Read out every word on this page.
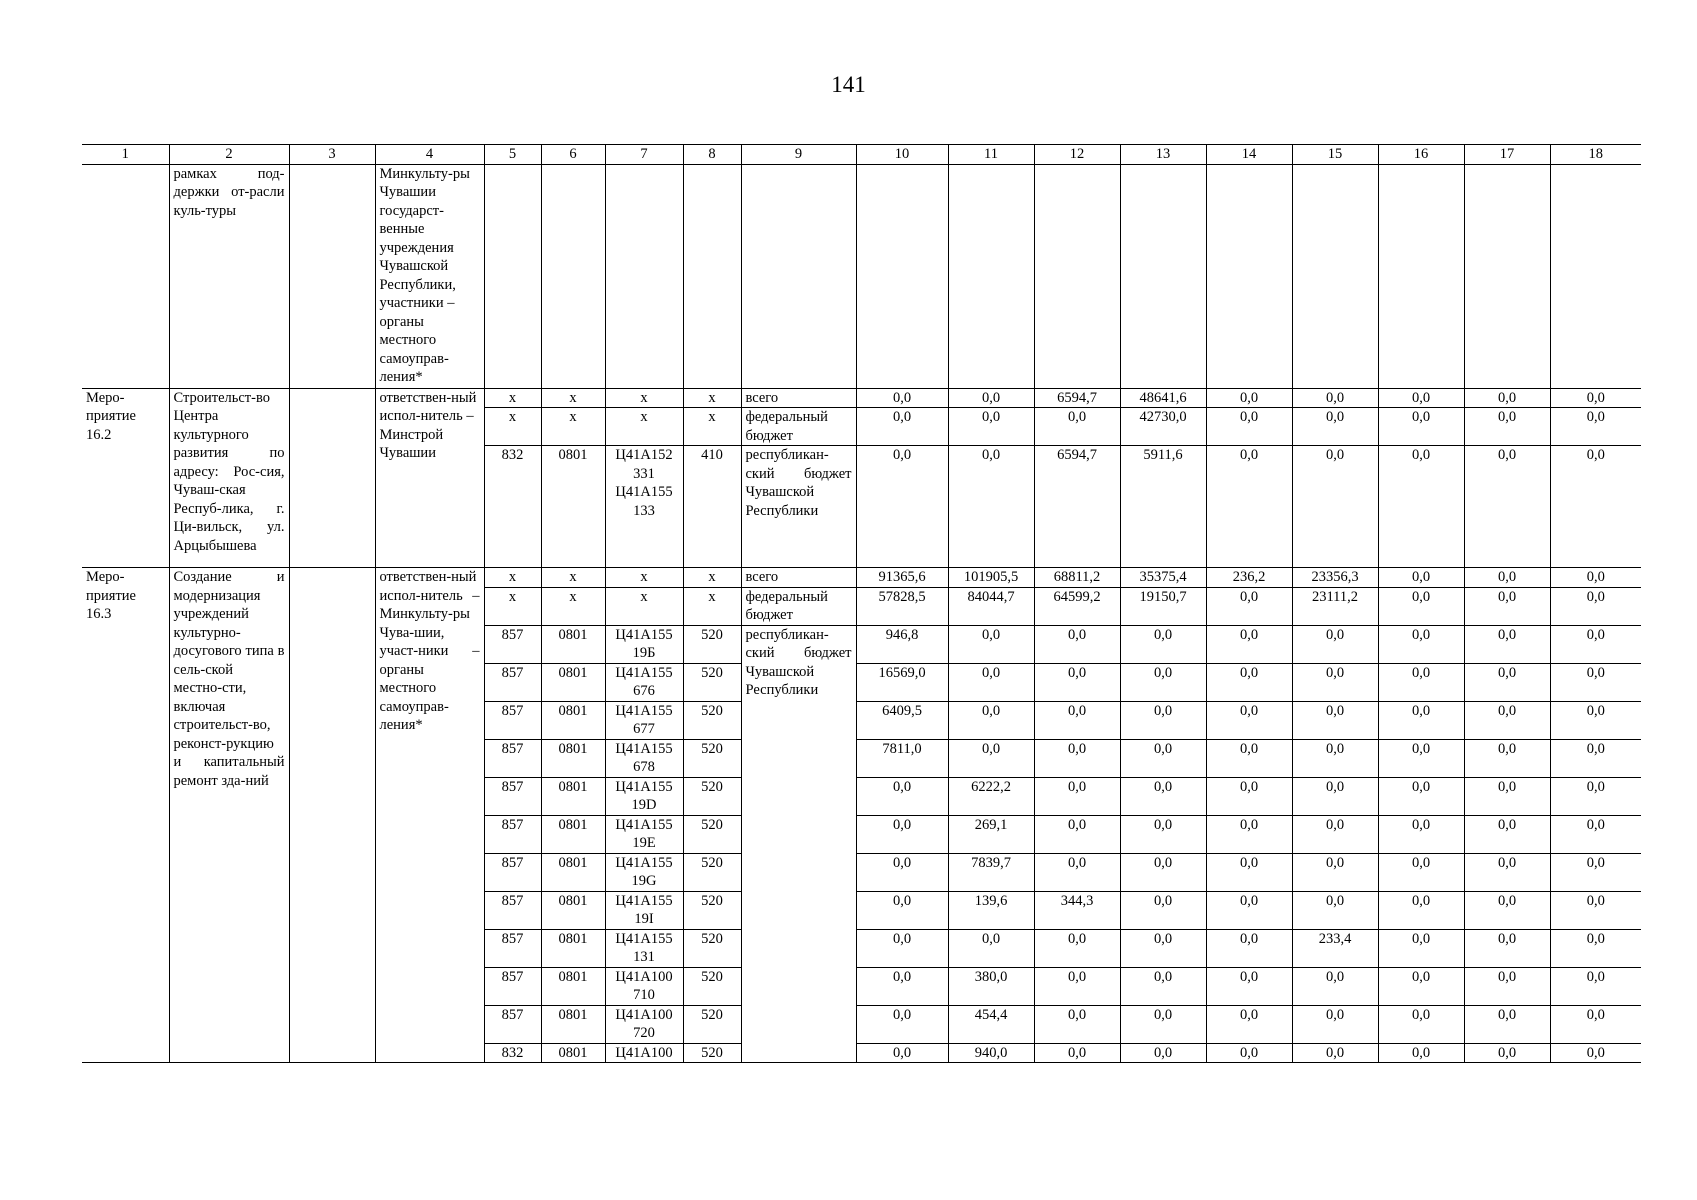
141
1	2	3	4	5	6	7	8	9	10	11	12	13	14	15	16	17	18
	рамках под-держки от-расли куль-туры		Минкульту-ры Чувашии государст-венные учреждения Чувашской Республики, участники – органы местного самоуправ-ления*														
Меро-приятие 16.2	Строительст-во Центра культурного развития по адресу: Рос-сия, Чуваш-ская Респуб-лика, г. Ци-вильск, ул. Арцыбышева		ответствен-ный испол-нитель – Минстрой Чувашии	x	x	x	x	всего	0,0	0,0	6594,7	48641,6	0,0	0,0	0,0	0,0	0,0
				x	x	x	x	федеральный бюджет	0,0	0,0	0,0	42730,0	0,0	0,0	0,0	0,0	0,0
				832	0801	Ц41А152 331 Ц41А155 133	410	республикан-ский бюджет Чувашской Республики	0,0	0,0	6594,7	5911,6	0,0	0,0	0,0	0,0	0,0
Меро-приятие 16.3	Создание и модернизация учреждений культурно-досугового типа в сель-ской местно-сти, включая строительст-во, реконст-рукцию и капитальный ремонт зда-ний		ответствен-ный испол-нитель – Минкульту-ры Чува-шии, участ-ники – органы местного самоуправ-ления*	x	x	x	x	всего	91365,6	101905,5	68811,2	35375,4	236,2	23356,3	0,0	0,0	0,0
				x	x	x	x	федеральный бюджет	57828,5	84044,7	64599,2	19150,7	0,0	23111,2	0,0	0,0	0,0
				857	0801	Ц41А155 19Б	520	республикан-ский бюджет Чувашской Республики	946,8	0,0	0,0	0,0	0,0	0,0	0,0	0,0	0,0
				857	0801	Ц41А155 676	520		16569,0	0,0	0,0	0,0	0,0	0,0	0,0	0,0	0,0
				857	0801	Ц41А155 677	520		6409,5	0,0	0,0	0,0	0,0	0,0	0,0	0,0	0,0
				857	0801	Ц41А155 678	520		7811,0	0,0	0,0	0,0	0,0	0,0	0,0	0,0	0,0
				857	0801	Ц41А155 19D	520		0,0	6222,2	0,0	0,0	0,0	0,0	0,0	0,0	0,0
				857	0801	Ц41А155 19E	520		0,0	269,1	0,0	0,0	0,0	0,0	0,0	0,0	0,0
				857	0801	Ц41А155 19G	520		0,0	7839,7	0,0	0,0	0,0	0,0	0,0	0,0	0,0
				857	0801	Ц41А155 19I	520		0,0	139,6	344,3	0,0	0,0	0,0	0,0	0,0	0,0
				857	0801	Ц41А155 131	520		0,0	0,0	0,0	0,0	0,0	233,4	0,0	0,0	0,0
				857	0801	Ц41А100 710	520		0,0	380,0	0,0	0,0	0,0	0,0	0,0	0,0	0,0
				857	0801	Ц41А100 720	520		0,0	454,4	0,0	0,0	0,0	0,0	0,0	0,0	0,0
				832	0801	Ц41А100	520		0,0	940,0	0,0	0,0	0,0	0,0	0,0	0,0	0,0
